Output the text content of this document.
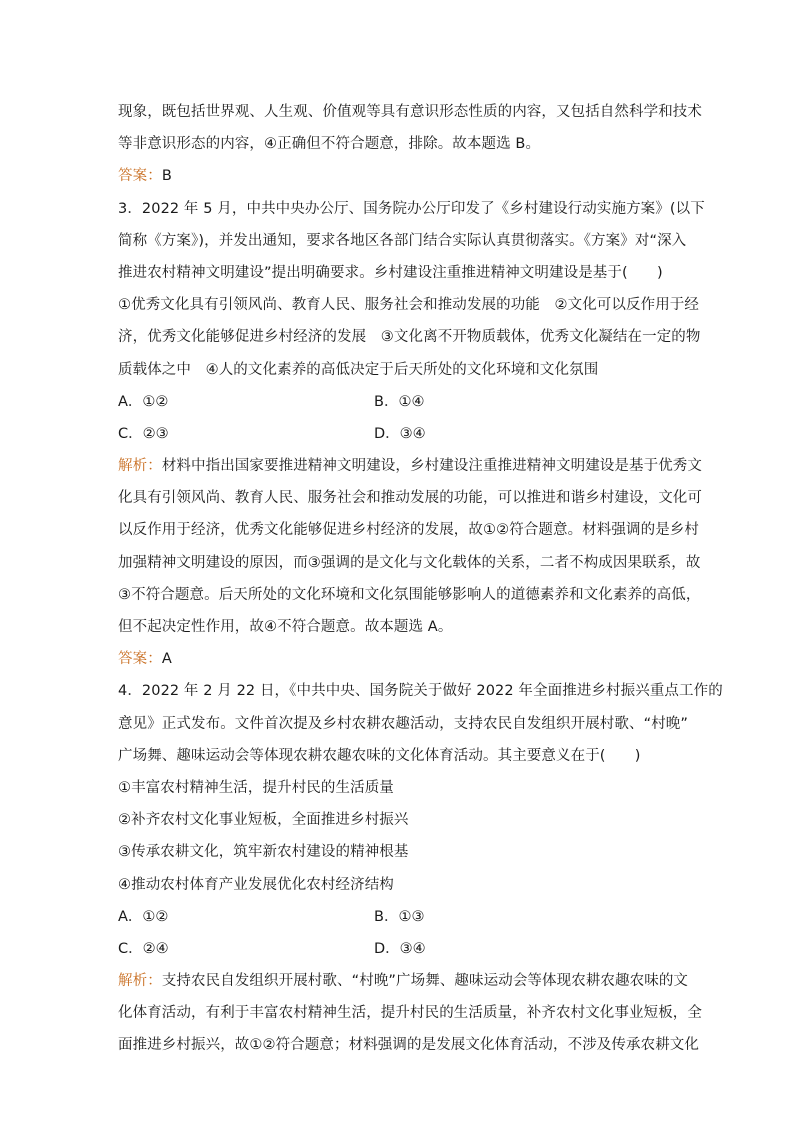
现象，既包括世界观、人生观、价值观等具有意识形态性质的内容，又包括自然科学和技术
等非意识形态的内容，④正确但不符合题意，排除。故本题选 B。
答案：B
3．2022 年 5 月，中共中央办公厅、国务院办公厅印发了《乡村建设行动实施方案》(以下
简称《方案》)，并发出通知，要求各地区各部门结合实际认真贯彻落实。《方案》对“深入
推进农村精神文明建设”提出明确要求。乡村建设注重推进精神文明建设是基于(　　)
①优秀文化具有引领风尚、教育人民、服务社会和推动发展的功能　②文化可以反作用于经
济，优秀文化能够促进乡村经济的发展　③文化离不开物质载体，优秀文化凝结在一定的物
质载体之中　④人的文化素养的高低决定于后天所处的文化环境和文化氛围
A．①②	B．①④
C．②③	D．③④
解析：材料中指出国家要推进精神文明建设，乡村建设注重推进精神文明建设是基于优秀文
化具有引领风尚、教育人民、服务社会和推动发展的功能，可以推进和谐乡村建设，文化可
以反作用于经济，优秀文化能够促进乡村经济的发展，故①②符合题意。材料强调的是乡村
加强精神文明建设的原因，而③强调的是文化与文化载体的关系，二者不构成因果联系，故
③不符合题意。后天所处的文化环境和文化氛围能够影响人的道德素养和文化素养的高低，
但不起决定性作用，故④不符合题意。故本题选 A。
答案：A
4．2022 年 2 月 22 日，《中共中央、国务院关于做好 2022 年全面推进乡村振兴重点工作的
意见》正式发布。文件首次提及乡村农耕农趣活动，支持农民自发组织开展村歌、“村晚”
广场舞、趣味运动会等体现农耕农趣农味的文化体育活动。其主要意义在于(　　)
①丰富农村精神生活，提升村民的生活质量
②补齐农村文化事业短板，全面推进乡村振兴
③传承农耕文化，筑牢新农村建设的精神根基
④推动农村体育产业发展优化农村经济结构
A．①②	B．①③
C．②④	D．③④
解析：支持农民自发组织开展村歌、“村晚”广场舞、趣味运动会等体现农耕农趣农味的文
化体育活动，有利于丰富农村精神生活，提升村民的生活质量，补齐农村文化事业短板，全
面推进乡村振兴，故①②符合题意；材料强调的是发展文化体育活动，不涉及传承农耕文化
